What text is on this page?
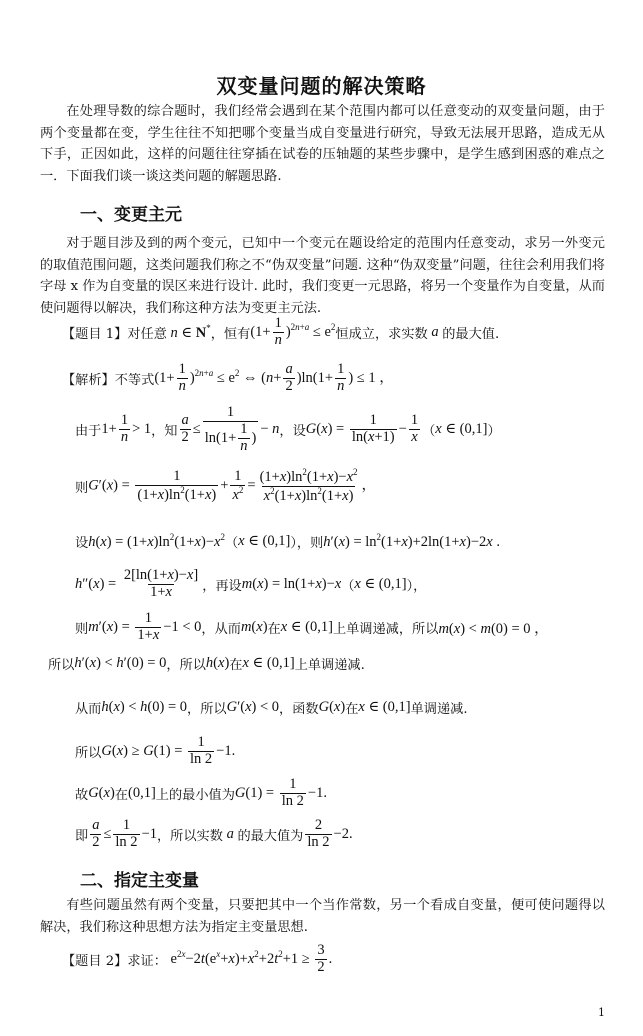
双变量问题的解决策略
在处理导数的综合题时，我们经常会遇到在某个范围内都可以任意变动的双变量问题，由于两个变量都在变，学生往往不知把哪个变量当成自变量进行研究，导致无法展开思路，造成无从下手，正因如此，这样的问题往往穿插在试卷的压轴题的某些步骤中，是学生感到困惑的难点之一．下面我们谈一谈这类问题的解题思路.
一、变更主元
对于题目涉及到的两个变元，已知中一个变元在题设给定的范围内任意变动，求另一外变元的取值范围问题，这类问题我们称之不“伪双变量”问题. 这种“伪双变量”问题，往往会利用我们将字母 x 作为自变量的误区来进行设计. 此时，我们变更一元思路，将另一个变量作为自变量，从而使问题得以解决，我们称这种方法为变更主元法.
【题目 1】 对任意 n ∈ N* ，恒有 $(1+ \frac{1}{n} )^{2n+a} \le e^2$ 恒成立，求实数 a 的最大值.
【解析】 不等式 $(1+ \frac{1}{n} )^{2n+a} \le e^2$ ⇔ $(n+ \frac{a}{2} )\ln(1+ \frac{1}{n}$ ) ≤ 1 ，
由于 $1+ \frac{1}{n} > 1$ ，知 $\frac{a}{2} \le \frac{1}{\ln(1+ \frac{1}{n} )} - n$ ，设 $G(x) = \frac{1}{\ln(x+1)} - \frac{1}{x}$ （ x ∈ (0,1] ）
则 $G'(x) = \frac{1}{(1+x)\ln^2(1+x)} + \frac{1}{x^2} = \frac{(1+x)\ln^2(1+x)-x^2}{x^2(1+x)\ln^2(1+x)}$ ，
设 $h(x) = (1+x)\ln^2(1+x)-x^2$ （ x ∈ (0,1] ），则 $h'(x) = \ln^2(1+x)+2\ln(1+x)-2x$ .
$h''(x) = \frac{2[\ln(1+x)-x]}{1+x}$ ，再设 m(x) = ln(1+x)−x （ x ∈ (0,1] ），
则 $m'(x) = \frac{1}{1+x} -1 < 0$ ，从而 m(x) 在 x ∈ (0,1] 上单调递减，所以 m(x) < m(0) = 0 ，
所以 h′(x) < h′(0) = 0 ，所以 h(x) 在 x ∈ (0,1] 上单调递减.
从而 h(x) < h(0) = 0 ，所以 G′(x) < 0 ，函数 G(x) 在 x ∈ (0,1] 单调递减.
所以 $G(x) \ge G(1) = \frac{1}{\ln 2} -1$.
故 G(x) 在 (0,1] 上的最小值为 $G(1) = \frac{1}{\ln 2} -1$.
即 $\frac{a}{2} \le \frac{1}{\ln 2} -1$ ，所以实数 a 的最大值为 $\frac{2}{\ln 2} -2$.
二、指定主变量
有些问题虽然有两个变量，只要把其中一个当作常数，另一个看成自变量，便可使问题得以解决，我们称这种思想方法为指定主变量思想.
【题目 2】 求证： $e^{2x}-2t(e^x+x)+x^2+2t^2+1 \ge \frac{3}{2}$ .
1
